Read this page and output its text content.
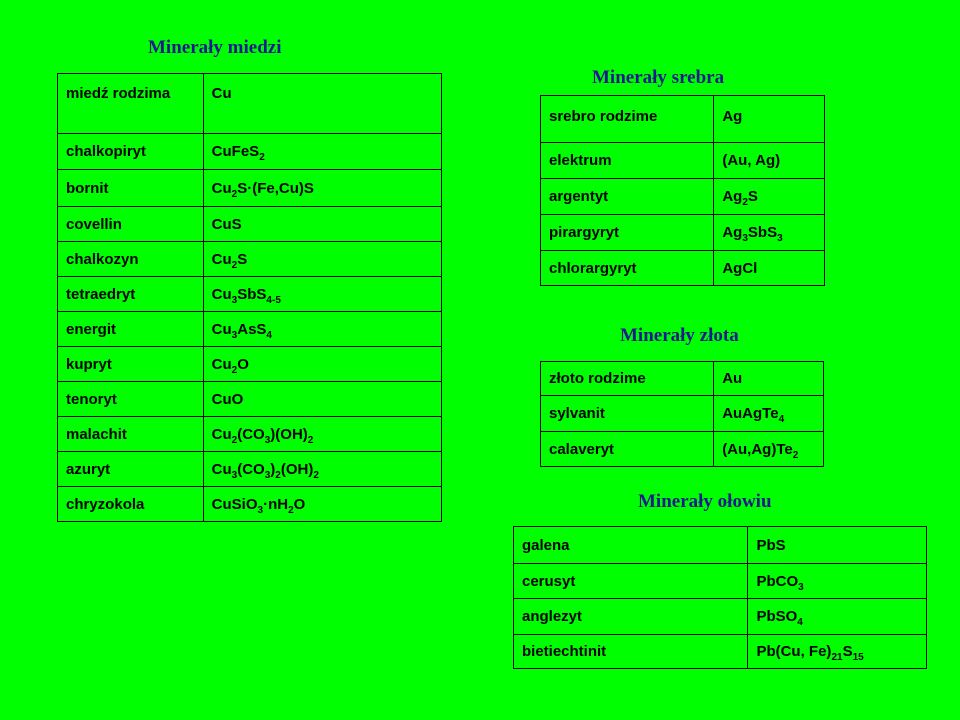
Minerały miedzi
miedź rodzima	Cu
chalkopiryt	CuFeS$_2$
bornit	$Cu_2S\cdot(Fe,Cu)S$
covellin	CuS
chalkozyn	$Cu_2S$
tetraedryt	$Cu_3SbS_{4-5}$
energit	$Cu_3AsS_4$
kupryt	$Cu_2O$
tenoryt	CuO
malachit	$Cu_2(CO_3)(OH)_2$
azuryt	$Cu_3(CO_3)_2(OH)_2$
chryzokola	$CuSiO_3\cdot nH_2O$
Minerały srebra
srebro rodzime	Ag
elektrum	(Au, Ag)
argentyt	$Ag_2S$
pirargyryt	$Ag_3SbS_3$
chlorargyryt	AgCl
Minerały złota
złoto rodzime	Au
sylvanit	AuAgTe$_4$
calaveryt	$(Au,Ag)Te_2$
Minerały ołowiu
galena	PbS
cerusyt	PbCO$_3$
anglezyt	PbSO$_4$
bietiechtinit	Pb(Cu, $Fe)_{21}S_{15}$
